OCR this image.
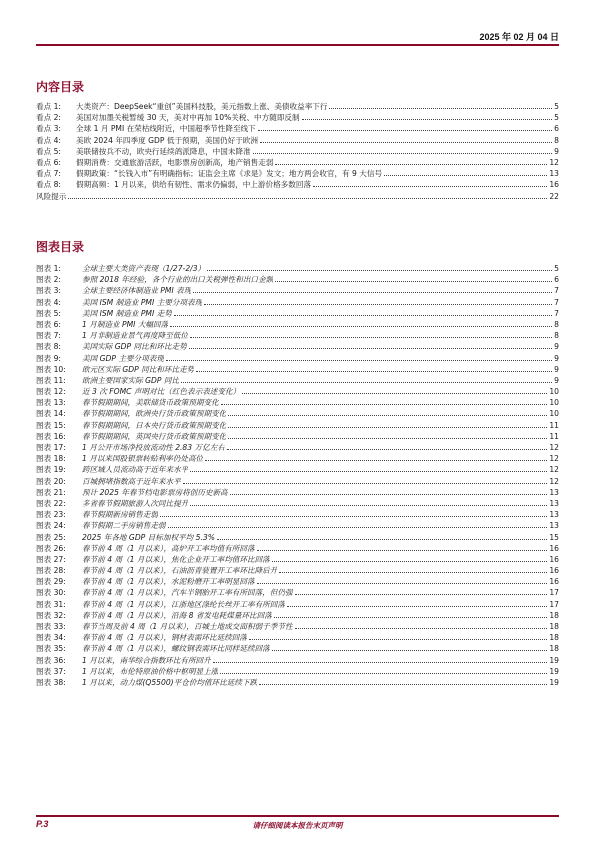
2025 年 02 月 04 日
内容目录
看点 1:	大类资产：DeepSeek“重创”美国科技股，美元指数上涨、美债收益率下行	5
看点 2:	美国对加墨关税暂缓 30 天，美对中再加 10%关税、中方随即反制	5
看点 3:	全球 1 月 PMI 在荣枯线附近，中国超季节性降至线下	6
看点 4:	美欧 2024 年四季度 GDP 低于预期，美国仍好于欧洲	8
看点 5:	美联储按兵不动，欧央行延续鸽派降息，中国未降准	9
看点 6:	假期消费：交通旅游活跃，电影票房创新高，地产销售走弱	12
看点 7:	假期政策：“长钱入市”有明确指标；证监会主席《求是》发文；地方两会收官，有 9 大信号	13
看点 8:	假期高频：1 月以来，供给有韧性、需求仍偏弱，中上游价格多数回落	16
风险提示	22
图表目录
图表 1:	全球主要大类资产表现（1/27-2/3）	5
图表 2:	参照 2018 年经验，各个行业的出口关税弹性和出口金额	6
图表 3:	全球主要经济体制造业 PMI 表现	7
图表 4:	美国 ISM 制造业 PMI 主要分项表现	7
图表 5:	美国 ISM 制造业 PMI 走势	7
图表 6:	1 月制造业 PMI 大幅回落	8
图表 7:	1 月非制造业景气再度降至低位	8
图表 8:	美国实际 GDP 同比和环比走势	9
图表 9:	美国 GDP 主要分项表现	9
图表 10:	欧元区实际 GDP 同比和环比走势	9
图表 11:	欧洲主要国家实际 GDP 同比	9
图表 12:	近 3 次 FOMC 声明对比（红色表示表述变化）	10
图表 13:	春节假期期间，美联储货币政策预期变化	10
图表 14:	春节假期期间，欧洲央行货币政策预期变化	10
图表 15:	春节假期期间，日本央行货币政策预期变化	11
图表 16:	春节假期期间，英国央行货币政策预期变化	11
图表 17:	1 月公开市场净投放流动性 2.83 万亿左右	12
图表 18:	1 月以来国股银票转贴利率仍处高位	12
图表 19:	跨区域人员流动高于近年来水平	12
图表 20:	百城拥堵指数高于近年来水平	12
图表 21:	预计 2025 年春节档电影票房将创历史新高	13
图表 22:	多省春节假期旅游人次同比提升	13
图表 23:	春节假期新房销售走弱	13
图表 24:	春节假期二手房销售走弱	13
图表 25:	2025 年各地 GDP 目标加权平均 5.3%	15
图表 26:	春节前 4 周（1 月以来），高炉开工率均值有所回落	16
图表 27:	春节前 4 周（1 月以来），焦化企业开工率均值环比回落	16
图表 28:	春节前 4 周（1 月以来），石油沥青装置开工率环比降后升	16
图表 29:	春节前 4 周（1 月以来），水泥粉磨开工率明显回落	16
图表 30:	春节前 4 周（1 月以来），汽车半钢胎开工率有所回落，但仍强	17
图表 31:	春节前 4 周（1 月以来），江浙地区涤纶长丝开工率有所回落	17
图表 32:	春节前 4 周（1 月以来），沿海 8 省发电耗煤量环比回落	18
图表 33:	春节当周及前 4 周（1 月以来），百城土地成交面积弱于季节性	18
图表 34:	春节前 4 周（1 月以来），钢材表需环比延续回落	18
图表 35:	春节前 4 周（1 月以来），螺纹钢表需环比同样延续回落	18
图表 36:	1 月以来，南华综合指数环比有所回升	19
图表 37:	1 月以来，布伦特原油价格中枢明显上涨	19
图表 38:	1 月以来，动力煤(Q5500)平仓价均值环比延续下跌	19
P.3	请仔细阅读本报告末页声明
